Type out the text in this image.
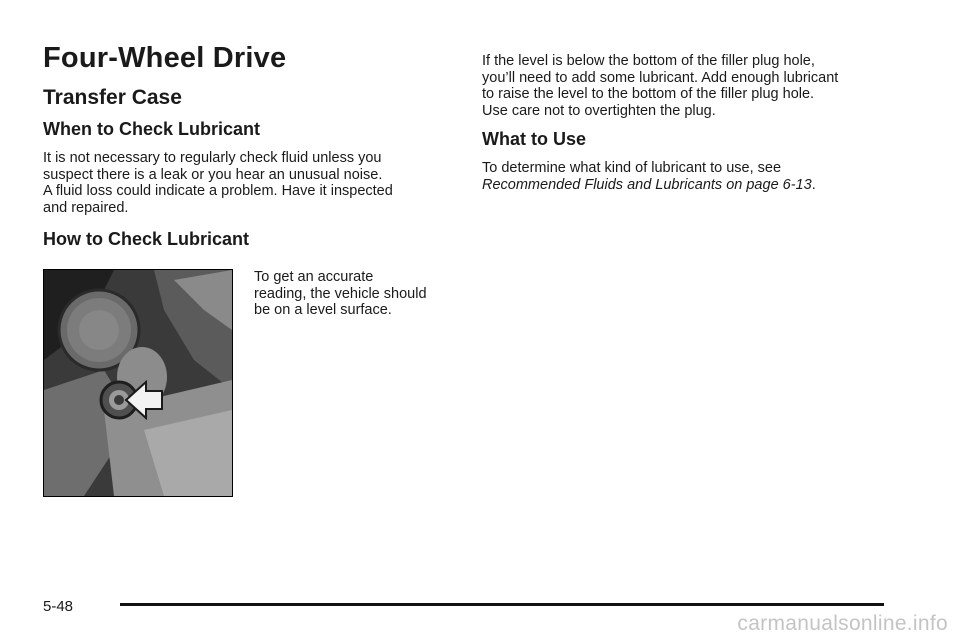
Four-Wheel Drive
Transfer Case
When to Check Lubricant
It is not necessary to regularly check fluid unless you
suspect there is a leak or you hear an unusual noise.
A fluid loss could indicate a problem. Have it inspected
and repaired.
How to Check Lubricant
To get an accurate
reading, the vehicle should
be on a level surface.
If the level is below the bottom of the filler plug hole,
you’ll need to add some lubricant. Add enough lubricant
to raise the level to the bottom of the filler plug hole.
Use care not to overtighten the plug.
What to Use
To determine what kind of lubricant to use, see
Recommended Fluids and Lubricants on page 6-13.
5-48
carmanualsonline.info
